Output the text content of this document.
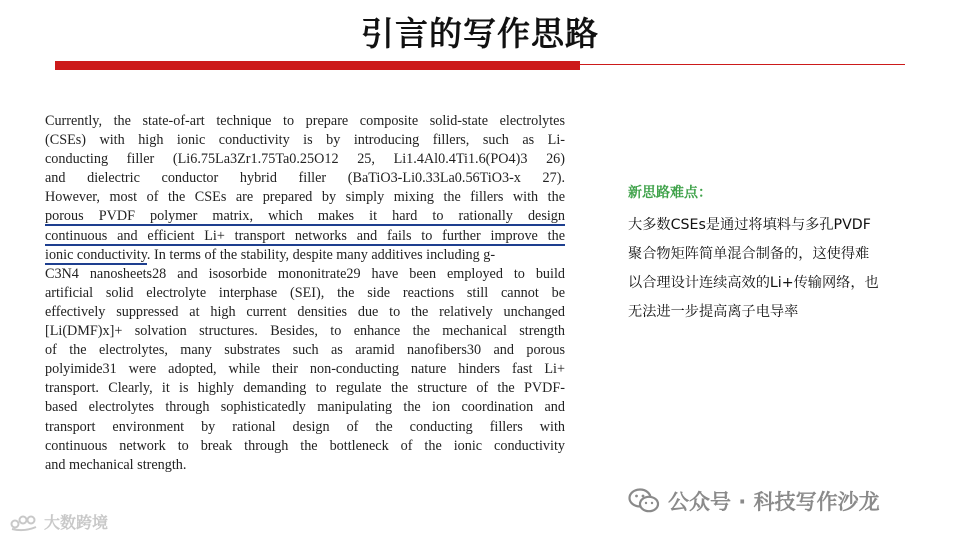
引言的写作思路
Currently, the state-of-art technique to prepare composite solid-state electrolytes
(CSEs) with high ionic conductivity is by introducing fillers, such as Li-
conducting filler (Li6.75La3Zr1.75Ta0.25O12 25, Li1.4Al0.4Ti1.6(PO4)3 26)
and dielectric conductor hybrid filler (BaTiO3-Li0.33La0.56TiO3-x 27).
However, most of the CSEs are prepared by simply mixing the fillers with the
porous PVDF polymer matrix, which makes it hard to rationally design
continuous and efficient Li+ transport networks and fails to further improve the
ionic conductivity. In terms of the stability, despite many additives including g-
C3N4 nanosheets28 and isosorbide mononitrate29 have been employed to build
artificial solid electrolyte interphase (SEI), the side reactions still cannot be
effectively suppressed at high current densities due to the relatively unchanged
[Li(DMF)x]+ solvation structures. Besides, to enhance the mechanical strength
of the electrolytes, many substrates such as aramid nanofibers30 and porous
polyimide31 were adopted, while their non-conducting nature hinders fast Li+
transport. Clearly, it is highly demanding to regulate the structure of the PVDF-
based electrolytes through sophisticatedly manipulating the ion coordination and
transport environment by rational design of the conducting fillers with
continuous network to break through the bottleneck of the ionic conductivity
and mechanical strength.
新思路难点：
大多数CSEs是通过将填料与多孔PVDF
聚合物矩阵简单混合制备的，这使得难
以合理设计连续高效的Li+传输网络，也
无法进一步提高离子电导率
大数跨境
公众号 · 科技写作沙龙
